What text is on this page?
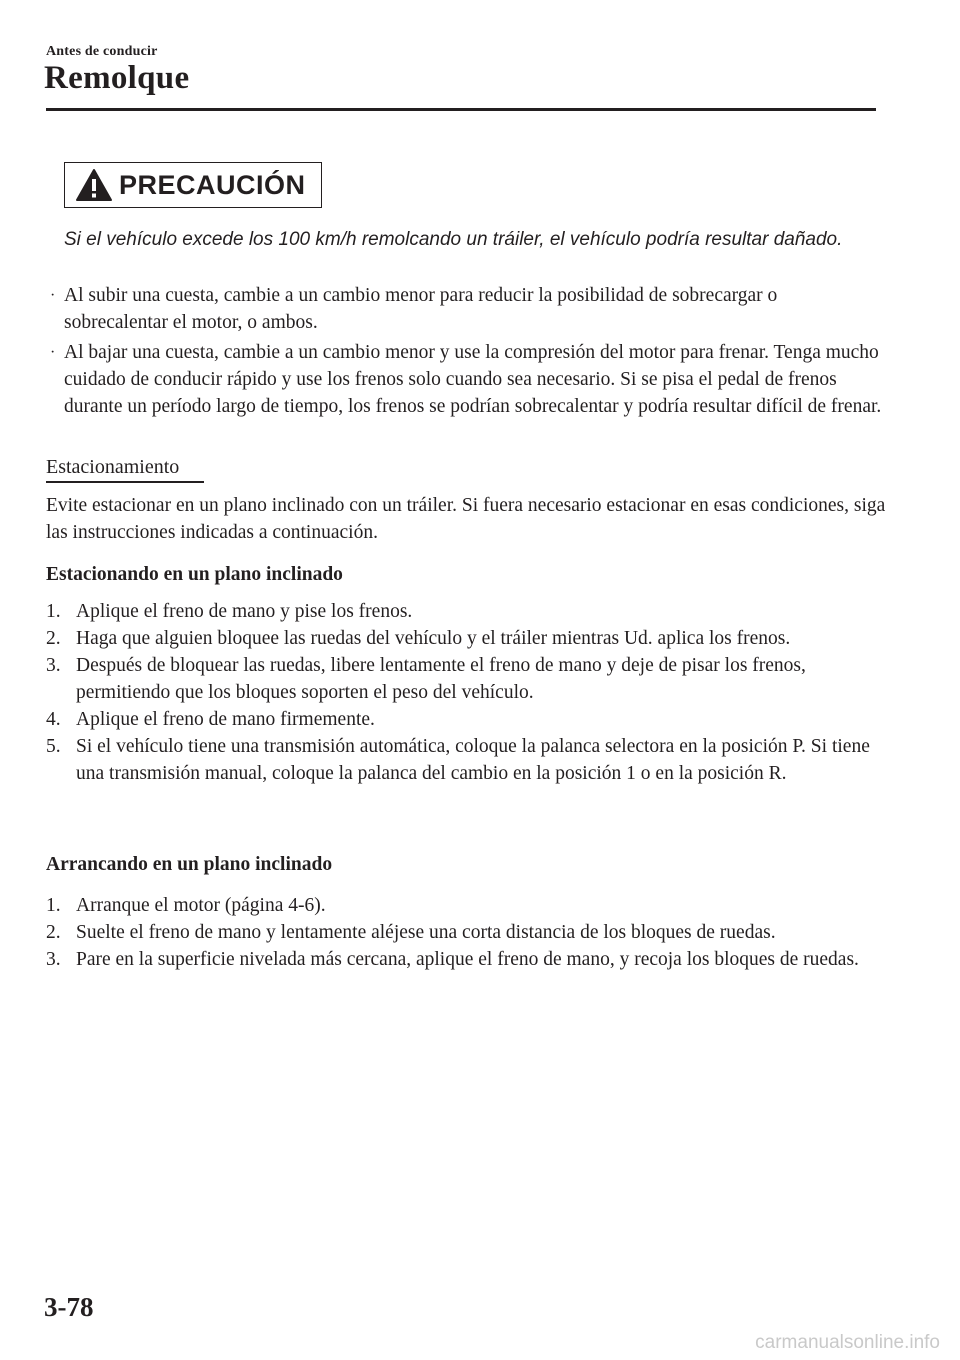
Antes de conducir
Remolque
PRECAUCIÓN
Si el vehículo excede los 100 km/h remolcando un tráiler, el vehículo podría resultar dañado.
· Al subir una cuesta, cambie a un cambio menor para reducir la posibilidad de sobrecargar o sobrecalentar el motor, o ambos.
· Al bajar una cuesta, cambie a un cambio menor y use la compresión del motor para frenar. Tenga mucho cuidado de conducir rápido y use los frenos solo cuando sea necesario. Si se pisa el pedal de frenos durante un período largo de tiempo, los frenos se podrían sobrecalentar y podría resultar difícil de frenar.
Estacionamiento
Evite estacionar en un plano inclinado con un tráiler. Si fuera necesario estacionar en esas condiciones, siga las instrucciones indicadas a continuación.
Estacionando en un plano inclinado
1. Aplique el freno de mano y pise los frenos.
2. Haga que alguien bloquee las ruedas del vehículo y el tráiler mientras Ud. aplica los frenos.
3. Después de bloquear las ruedas, libere lentamente el freno de mano y deje de pisar los frenos, permitiendo que los bloques soporten el peso del vehículo.
4. Aplique el freno de mano firmemente.
5. Si el vehículo tiene una transmisión automática, coloque la palanca selectora en la posición P. Si tiene una transmisión manual, coloque la palanca del cambio en la posición 1 o en la posición R.
Arrancando en un plano inclinado
1. Arranque el motor (página 4-6).
2. Suelte el freno de mano y lentamente aléjese una corta distancia de los bloques de ruedas.
3. Pare en la superficie nivelada más cercana, aplique el freno de mano, y recoja los bloques de ruedas.
3-78
carmanualsonline.info
